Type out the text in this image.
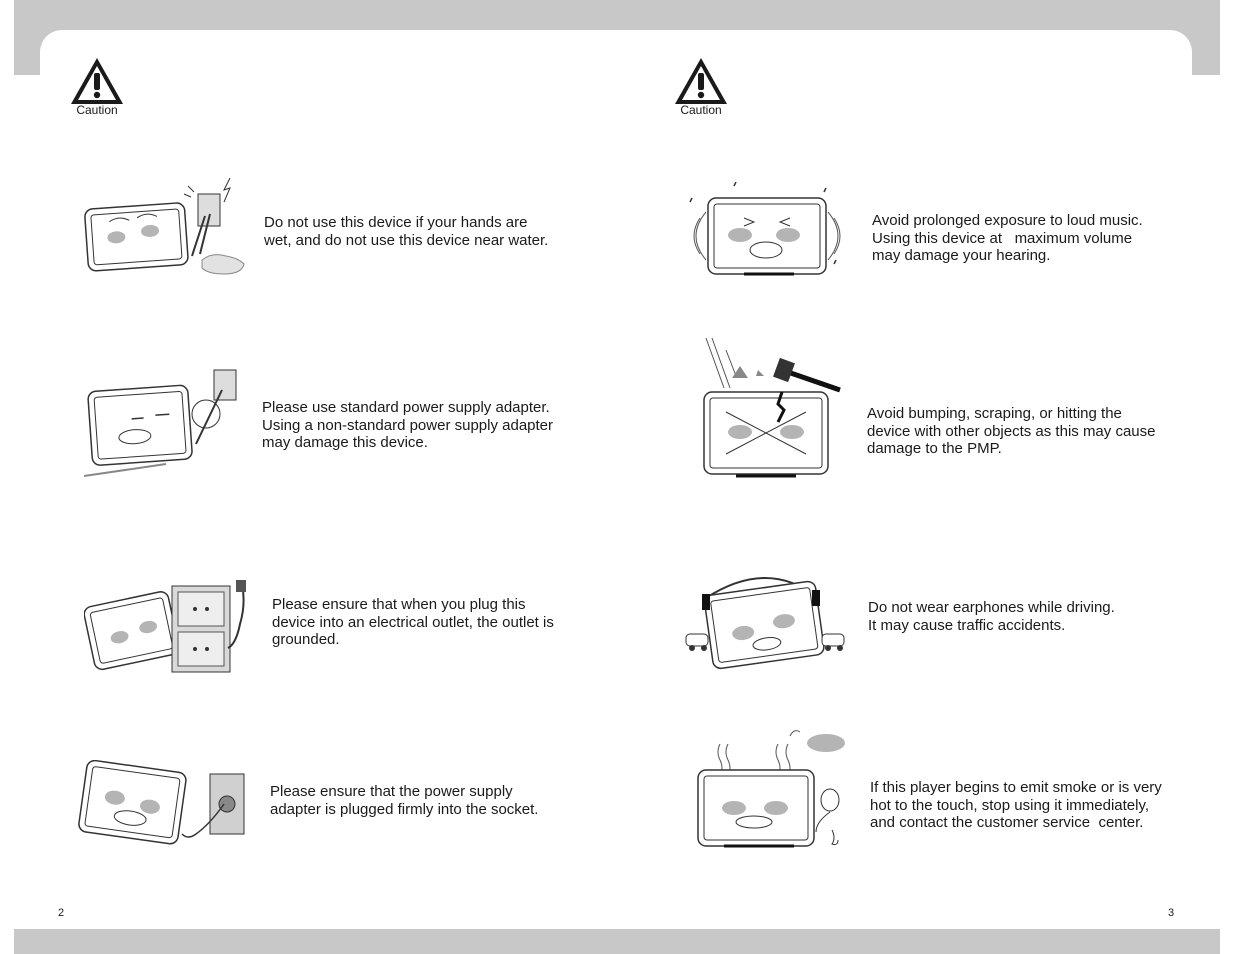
Caution
Do not use this device if your hands are
wet, and do not use this device near water.
Please use standard power supply adapter.
Using a non-standard power supply adapter
may damage this device.
Please ensure that when you plug this
device into an electrical outlet, the outlet is
grounded.
Please ensure that the power supply
adapter is plugged firmly into the socket.
2
Caution
Avoid prolonged exposure to loud music.
Using this device at   maximum volume
may damage your hearing.
Avoid bumping, scraping, or hitting the
device with other objects as this may cause
damage to the PMP.
Do not wear earphones while driving.
It may cause traffic accidents.
If this player begins to emit smoke or is very
hot to the touch, stop using it immediately,
and contact the customer service  center.
3
